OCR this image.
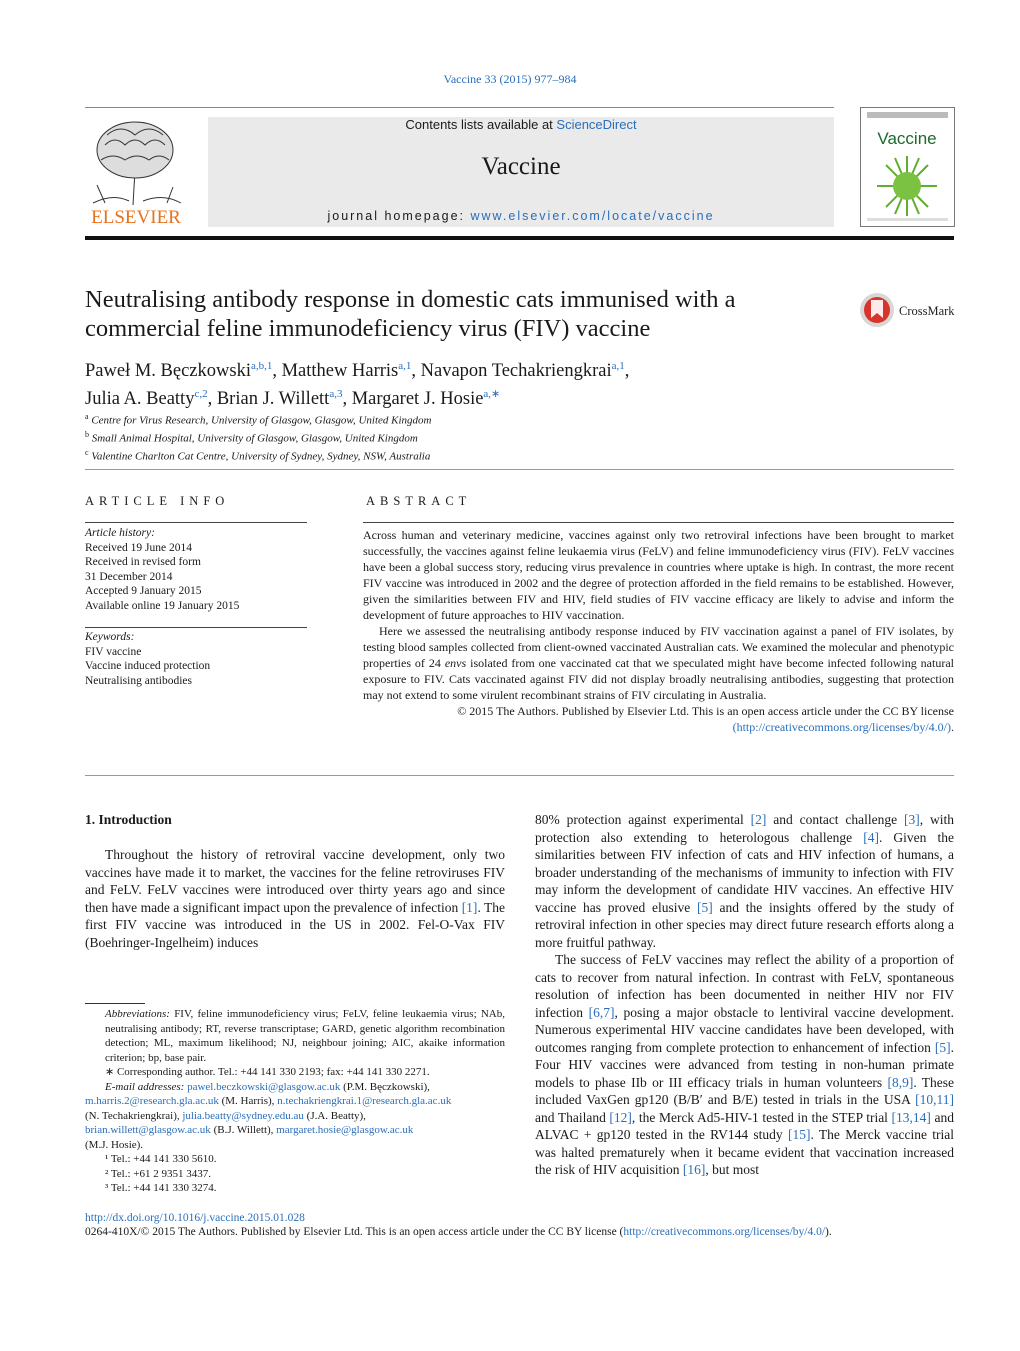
Vaccine 33 (2015) 977–984
ELSEVIER
Contents lists available at ScienceDirect
Vaccine
journal homepage: www.elsevier.com/locate/vaccine
Vaccine
Neutralising antibody response in domestic cats immunised with a
commercial feline immunodeficiency virus (FIV) vaccine
CrossMark
Paweł M. Bęczkowski$^{a,b,1}$, Matthew Harris$^{a,1}$, Navapon Techakriengkrai$^{a,1}$,
Julia A. Beatty$^{c,2}$, Brian J. Willett$^{a,3}$, Margaret J. Hosie$^{a,∗}$
$^a$ Centre for Virus Research, University of Glasgow, Glasgow, United Kingdom
$^b$ Small Animal Hospital, University of Glasgow, Glasgow, United Kingdom
$^c$ Valentine Charlton Cat Centre, University of Sydney, Sydney, NSW, Australia
ARTICLE INFO
Article history:
Received 19 June 2014
Received in revised form
31 December 2014
Accepted 9 January 2015
Available online 19 January 2015
Keywords:
FIV vaccine
Vaccine induced protection
Neutralising antibodies
ABSTRACT

Across human and veterinary medicine, vaccines against only two retroviral infections have been brought to market successfully, the vaccines against feline leukaemia virus (FeLV) and feline immunodeficiency virus (FIV). FeLV vaccines have been a global success story, reducing virus prevalence in countries where uptake is high. In contrast, the more recent FIV vaccine was introduced in 2002 and the degree of protection afforded in the field remains to be established. However, given the similarities between FIV and HIV, field studies of FIV vaccine efficacy are likely to advise and inform the development of future approaches to HIV vaccination.

Here we assessed the neutralising antibody response induced by FIV vaccination against a panel of FIV isolates, by testing blood samples collected from client-owned vaccinated Australian cats. We examined the molecular and phenotypic properties of 24 envs isolated from one vaccinated cat that we speculated might have become infected following natural exposure to FIV. Cats vaccinated against FIV did not display broadly neutralising antibodies, suggesting that protection may not extend to some virulent recombinant strains of FIV circulating in Australia.

© 2015 The Authors. Published by Elsevier Ltd. This is an open access article under the CC BY license

(http://creativecommons.org/licenses/by/4.0/).

1. Introduction

Throughout the history of retroviral vaccine development, only two vaccines have made it to market, the vaccines for the feline retroviruses FIV and FeLV. FeLV vaccines were introduced over thirty years ago and since then have made a significant impact upon the prevalence of infection [1]. The first FIV vaccine was introduced in the US in 2002. Fel-O-Vax FIV (Boehringer-Ingelheim) induces

80% protection against experimental [2] and contact challenge [3], with protection also extending to heterologous challenge [4]. Given the similarities between FIV infection of cats and HIV infection of humans, a broader understanding of the mechanisms of immunity to infection with FIV may inform the development of candidate HIV vaccines. An effective HIV vaccine has proved elusive [5] and the insights offered by the study of retroviral infection in other species may direct future research efforts along a more fruitful pathway.

The success of FeLV vaccines may reflect the ability of a proportion of cats to recover from natural infection. In contrast with FeLV, spontaneous resolution of infection has been documented in neither HIV nor FIV infection [6,7], posing a major obstacle to lentiviral vaccine development. Numerous experimental HIV vaccine candidates have been developed, with outcomes ranging from complete protection to enhancement of infection [5]. Four HIV vaccines were advanced from testing in non-human primate models to phase IIb or III efficacy trials in human volunteers [8,9]. These included VaxGen gp120 (B/B′ and B/E) tested in trials in the USA [10,11] and Thailand [12], the Merck Ad5-HIV-1 tested in the STEP trial [13,14] and ALVAC + gp120 tested in the RV144 study [15]. The Merck vaccine trial was halted prematurely when it became evident that vaccination increased the risk of HIV acquisition [16], but most

Abbreviations: FIV, feline immunodeficiency virus; FeLV, feline leukaemia virus; NAb, neutralising antibody; RT, reverse transcriptase; GARD, genetic algorithm recombination detection; ML, maximum likelihood; NJ, neighbour joining; AIC, akaike information criterion; bp, base pair.

∗ Corresponding author. Tel.: +44 141 330 2193; fax: +44 141 330 2271.

E-mail addresses: pawel.beczkowski@glasgow.ac.uk (P.M. Bęczkowski),

m.harris.2@research.gla.ac.uk (M. Harris), n.techakriengkrai.1@research.gla.ac.uk

(N. Techakriengkrai), julia.beatty@sydney.edu.au (J.A. Beatty),

brian.willett@glasgow.ac.uk (B.J. Willett), margaret.hosie@glasgow.ac.uk

(M.J. Hosie).

¹ Tel.: +44 141 330 5610.

² Tel.: +61 2 9351 3437.

³ Tel.: +44 141 330 3274.

http://dx.doi.org/10.1016/j.vaccine.2015.01.028
0264-410X/© 2015 The Authors. Published by Elsevier Ltd. This is an open access article under the CC BY license (http://creativecommons.org/licenses/by/4.0/).
